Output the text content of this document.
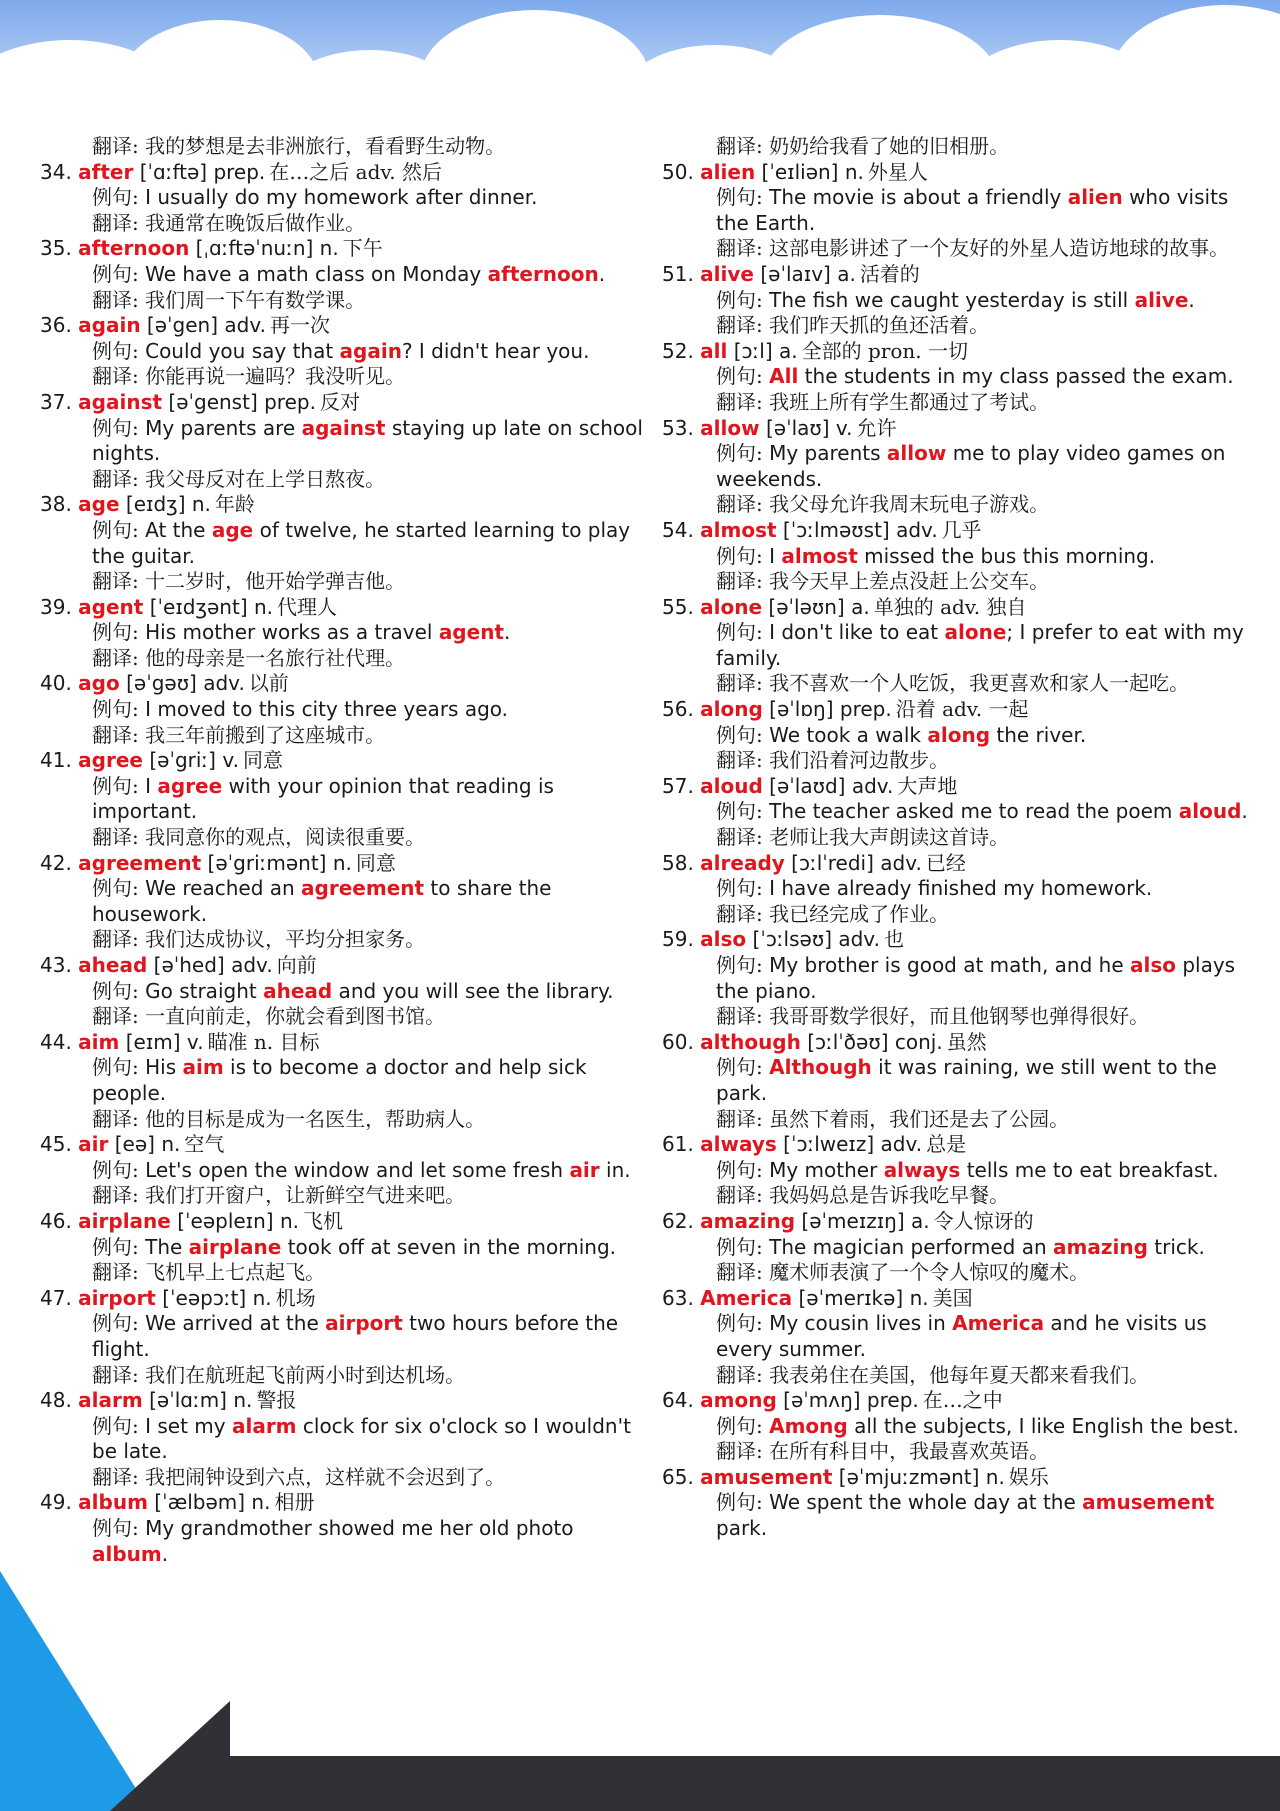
翻译: 我的梦想是去非洲旅行，看看野生动物。
34. after [ˈɑːftə] prep. 在…之后 adv. 然后
例句: I usually do my homework after dinner.
翻译: 我通常在晚饭后做作业。
35. afternoon [ˌɑːftəˈnuːn] n. 下午
例句: We have a math class on Monday afternoon.
翻译: 我们周一下午有数学课。
36. again [əˈgen] adv. 再一次
例句: Could you say that again? I didn't hear you.
翻译: 你能再说一遍吗？我没听见。
37. against [əˈgenst] prep. 反对
例句: My parents are against staying up late on school nights.
翻译: 我父母反对在上学日熬夜。
38. age [eɪdʒ] n. 年龄
例句: At the age of twelve, he started learning to play the guitar.
翻译: 十二岁时，他开始学弹吉他。
39. agent [ˈeɪdʒənt] n. 代理人
例句: His mother works as a travel agent.
翻译: 他的母亲是一名旅行社代理。
40. ago [əˈgəʊ] adv. 以前
例句: I moved to this city three years ago.
翻译: 我三年前搬到了这座城市。
41. agree [əˈgriː] v. 同意
例句: I agree with your opinion that reading is important.
翻译: 我同意你的观点，阅读很重要。
42. agreement [əˈgriːmənt] n. 同意
例句: We reached an agreement to share the housework.
翻译: 我们达成协议，平均分担家务。
43. ahead [əˈhed] adv. 向前
例句: Go straight ahead and you will see the library.
翻译: 一直向前走，你就会看到图书馆。
44. aim [eɪm] v. 瞄准 n. 目标
例句: His aim is to become a doctor and help sick people.
翻译: 他的目标是成为一名医生，帮助病人。
45. air [eə] n. 空气
例句: Let's open the window and let some fresh air in.
翻译: 我们打开窗户，让新鲜空气进来吧。
46. airplane [ˈeəpleɪn] n. 飞机
例句: The airplane took off at seven in the morning.
翻译: 飞机早上七点起飞。
47. airport [ˈeəpɔːt] n. 机场
例句: We arrived at the airport two hours before the flight.
翻译: 我们在航班起飞前两小时到达机场。
48. alarm [əˈlɑːm] n. 警报
例句: I set my alarm clock for six o'clock so I wouldn't be late.
翻译: 我把闹钟设到六点，这样就不会迟到了。
49. album [ˈælbəm] n. 相册
例句: My grandmother showed me her old photo album.
翻译: 奶奶给我看了她的旧相册。
50. alien [ˈeɪliən] n. 外星人
例句: The movie is about a friendly alien who visits the Earth.
翻译: 这部电影讲述了一个友好的外星人造访地球的故事。
51. alive [əˈlaɪv] a. 活着的
例句: The fish we caught yesterday is still alive.
翻译: 我们昨天抓的鱼还活着。
52. all [ɔːl] a. 全部的 pron. 一切
例句: All the students in my class passed the exam.
翻译: 我班上所有学生都通过了考试。
53. allow [əˈlaʊ] v. 允许
例句: My parents allow me to play video games on weekends.
翻译: 我父母允许我周末玩电子游戏。
54. almost [ˈɔːlməʊst] adv. 几乎
例句: I almost missed the bus this morning.
翻译: 我今天早上差点没赶上公交车。
55. alone [əˈləʊn] a. 单独的 adv. 独自
例句: I don't like to eat alone; I prefer to eat with my family.
翻译: 我不喜欢一个人吃饭，我更喜欢和家人一起吃。
56. along [əˈlɒŋ] prep. 沿着 adv. 一起
例句: We took a walk along the river.
翻译: 我们沿着河边散步。
57. aloud [əˈlaʊd] adv. 大声地
例句: The teacher asked me to read the poem aloud.
翻译: 老师让我大声朗读这首诗。
58. already [ɔːlˈredi] adv. 已经
例句: I have already finished my homework.
翻译: 我已经完成了作业。
59. also [ˈɔːlsəʊ] adv. 也
例句: My brother is good at math, and he also plays the piano.
翻译: 我哥哥数学很好，而且他钢琴也弹得很好。
60. although [ɔːlˈðəʊ] conj. 虽然
例句: Although it was raining, we still went to the park.
翻译: 虽然下着雨，我们还是去了公园。
61. always [ˈɔːlweɪz] adv. 总是
例句: My mother always tells me to eat breakfast.
翻译: 我妈妈总是告诉我吃早餐。
62. amazing [əˈmeɪzɪŋ] a. 令人惊讶的
例句: The magician performed an amazing trick.
翻译: 魔术师表演了一个令人惊叹的魔术。
63. America [əˈmerɪkə] n. 美国
例句: My cousin lives in America and he visits us every summer.
翻译: 我表弟住在美国，他每年夏天都来看我们。
64. among [əˈmʌŋ] prep. 在…之中
例句: Among all the subjects, I like English the best.
翻译: 在所有科目中，我最喜欢英语。
65. amusement [əˈmjuːzmənt] n. 娱乐
例句: We spent the whole day at the amusement park.
